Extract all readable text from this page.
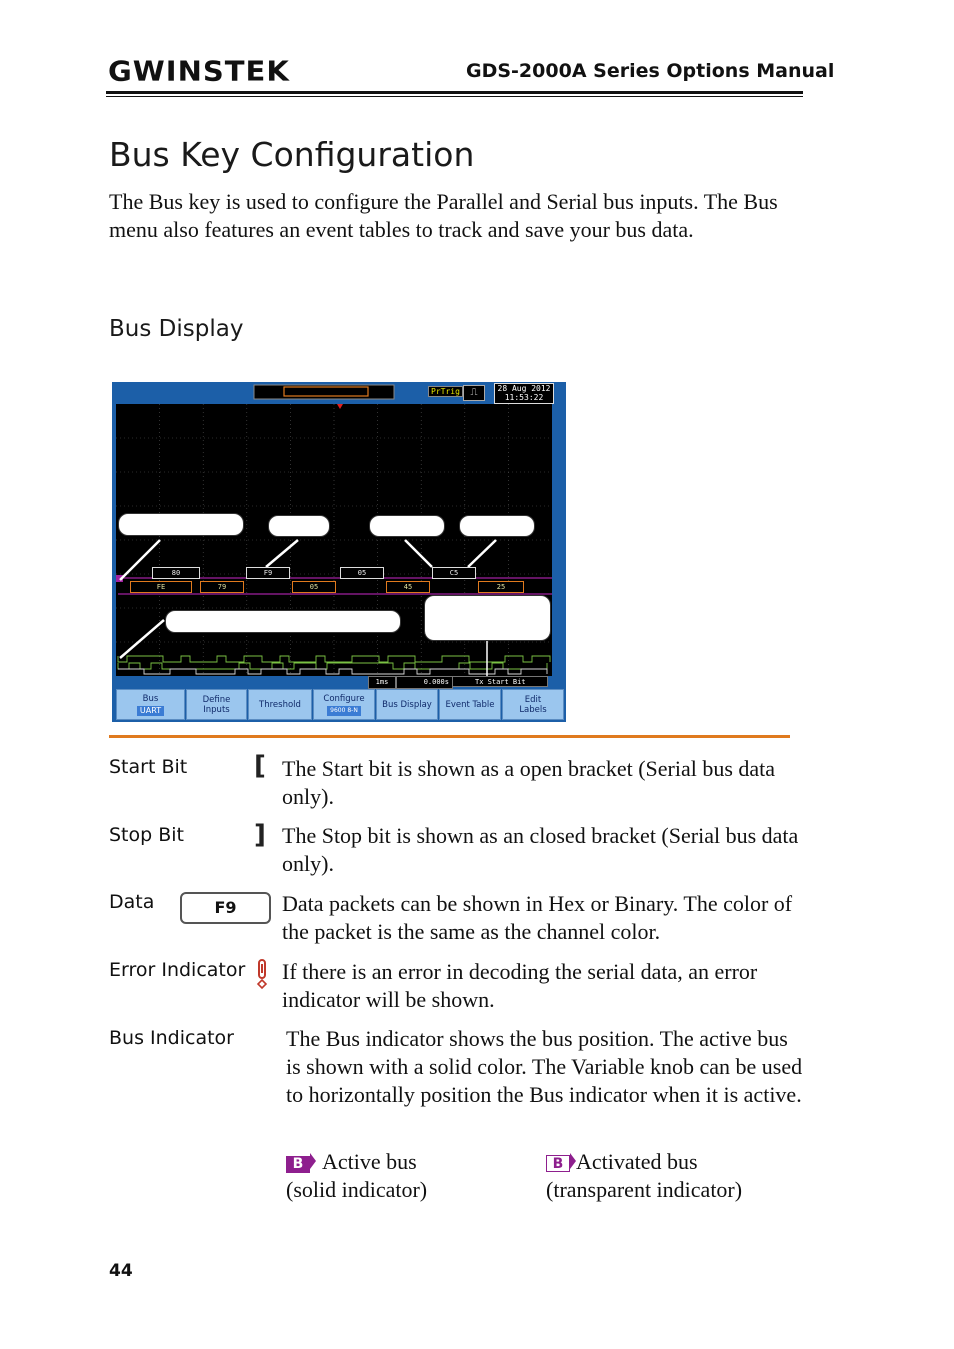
GWINSTEK	GDS-2000A Series Options Manual
Bus Key Configuration
The Bus key is used to configure the Parallel and Serial bus inputs. The Bus menu also features an event tables to track and save your bus data.
Bus Display
PrTrig	⎍	28 Aug 2012
11:53:22
80	F9	05	C5
FE	79	05	45	25
1ms	0.000s	Tx Start Bit
Bus
UART
Define Inputs	Threshold
Configure
9600 8-N
Bus Display Event Table	Edit Labels
Start Bit	[ The Start bit is shown as a open bracket (Serial bus data only).
Stop Bit	] The Stop bit is shown as an closed bracket (Serial bus data only).
Data	F9	Data packets can be shown in Hex or Binary. The color of the packet is the same as the channel color.
Error Indicator If there is an error in decoding the serial data, an error indicator will be shown.
Bus Indicator The Bus indicator shows the bus position. The active bus is shown with a solid color. The Variable knob can be used to horizontally position the Bus indicator when it is active.
B Active bus
(solid indicator)
B Activated bus
(transparent indicator)
44
